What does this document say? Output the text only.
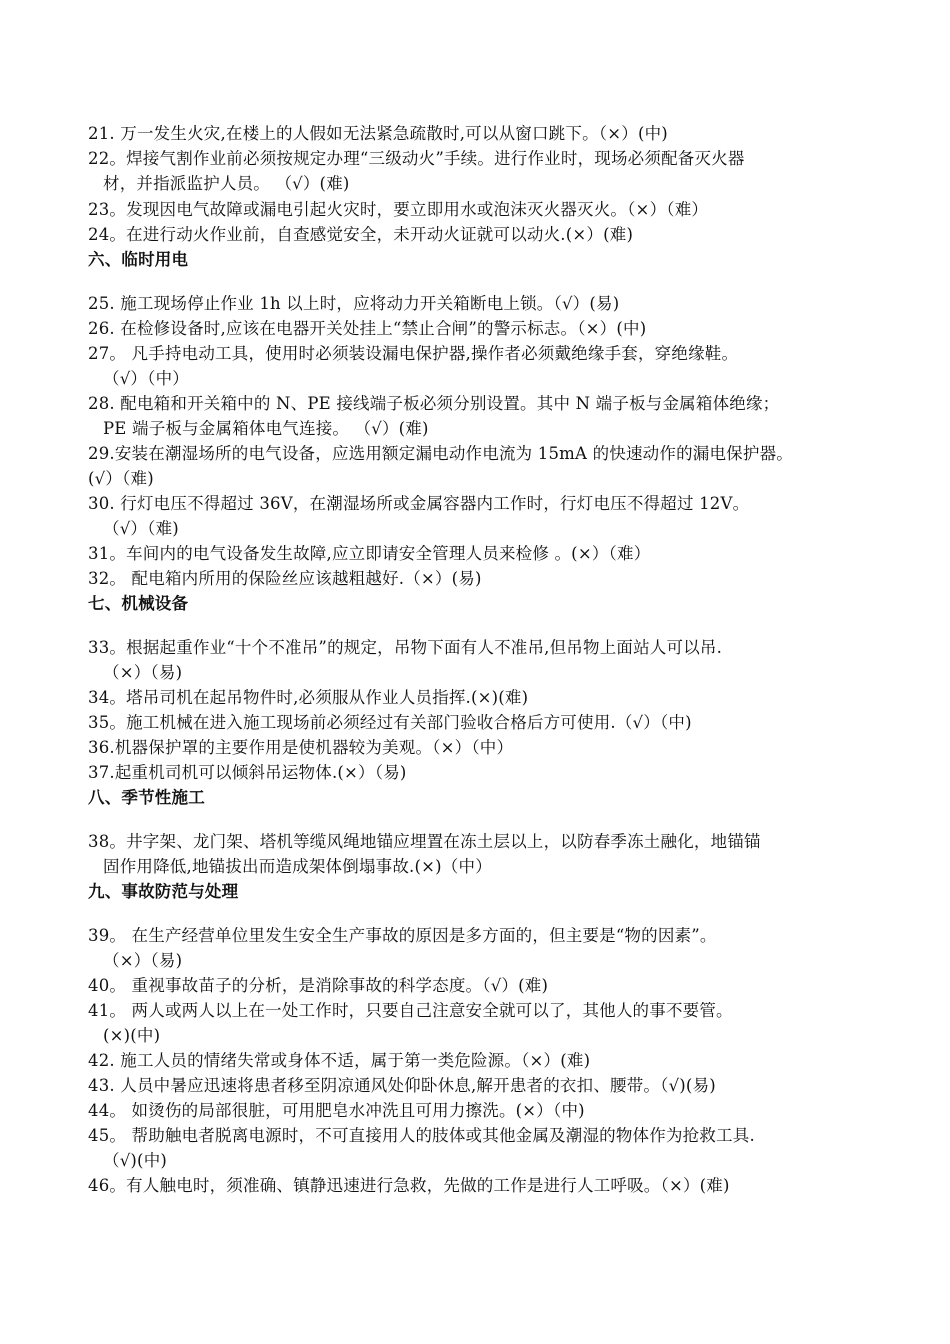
21. 万一发生火灾,在楼上的人假如无法紧急疏散时,可以从窗口跳下。（×）(中)
22。焊接气割作业前必须按规定办理“三级动火”手续。进行作业时，现场必须配备灭火器
材，并指派监护人员。 （√）(难)
23。发现因电气故障或漏电引起火灾时，要立即用水或泡沫灭火器灭火。（×）（难）
24。在进行动火作业前，自查感觉安全，未开动火证就可以动火.(×）(难)
六、临时用电
25. 施工现场停止作业 1h 以上时，应将动力开关箱断电上锁。（√）(易)
26. 在检修设备时,应该在电器开关处挂上“禁止合闸”的警示标志。（×）(中)
27。 凡手持电动工具，使用时必须装设漏电保护器,操作者必须戴绝缘手套，穿绝缘鞋。
（√）（中）
28. 配电箱和开关箱中的 N、PE 接线端子板必须分别设置。其中 N 端子板与金属箱体绝缘；
PE 端子板与金属箱体电气连接。 （√）(难)
29.安装在潮湿场所的电气设备，应选用额定漏电动作电流为 15mA 的快速动作的漏电保护器。
(√）（难)
30. 行灯电压不得超过 36V，在潮湿场所或金属容器内工作时，行灯电压不得超过 12V。
（√）（难)
31。车间内的电气设备发生故障,应立即请安全管理人员来检修 。(×）（难）
32。 配电箱内所用的保险丝应该越粗越好.（×）(易)
七、机械设备
33。根据起重作业“十个不准吊”的规定，吊物下面有人不准吊,但吊物上面站人可以吊.
（×）（易)
34。塔吊司机在起吊物件时,必须服从作业人员指挥.(×)(难)
35。施工机械在进入施工现场前必须经过有关部门验收合格后方可使用.（√）（中)
36.机器保护罩的主要作用是使机器较为美观。（×）（中）
37.起重机司机可以倾斜吊运物体.(×）（易)
八、季节性施工
38。井字架、龙门架、塔机等缆风绳地锚应埋置在冻土层以上，以防春季冻土融化，地锚锚
固作用降低,地锚拔出而造成架体倒塌事故.(×)（中）
九、事故防范与处理
39。 在生产经营单位里发生安全生产事故的原因是多方面的，但主要是“物的因素”。
（×）（易)
40。 重视事故苗子的分析，是消除事故的科学态度。（√）(难)
41。 两人或两人以上在一处工作时，只要自己注意安全就可以了，其他人的事不要管。
(×)(中)
42. 施工人员的情绪失常或身体不适，属于第一类危险源。（×）(难)
43. 人员中暑应迅速将患者移至阴凉通风处仰卧休息,解开患者的衣扣、腰带。（√)(易)
44。 如烫伤的局部很脏，可用肥皂水冲洗且可用力擦洗。(×）（中)
45。 帮助触电者脱离电源时，不可直接用人的肢体或其他金属及潮湿的物体作为抢救工具.
（√)(中)
46。有人触电时，须准确、镇静迅速进行急救，先做的工作是进行人工呼吸。（×）(难)
